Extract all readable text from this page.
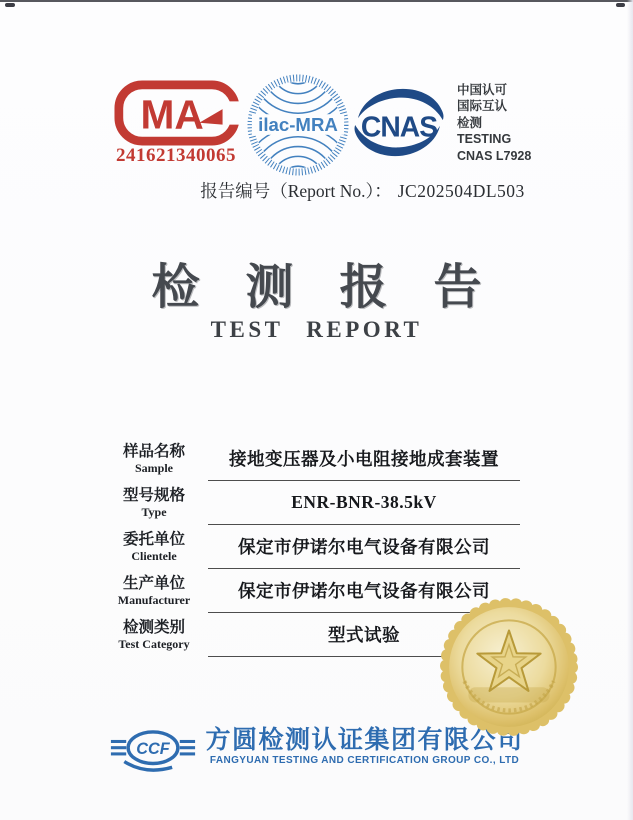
MA
241621340065
ilac-MRA CNAS
中国认可
国际互认
检测
TESTING
CNAS L7928
报告编号（Report No.）： JC202504DL503
检测报告
TEST REPORT
样品名称
Sample	接地变压器及小电阻接地成套装置
型号规格
Type	ENR-BNR-38.5kV
委托单位
Clientele	保定市伊诺尔电气设备有限公司
生产单位
Manufacturer	保定市伊诺尔电气设备有限公司
检测类别
Test Category	型式试验
CCF 方圆检测认证集团有限公司
FANGYUAN TESTING AND CERTIFICATION GROUP CO., LTD
